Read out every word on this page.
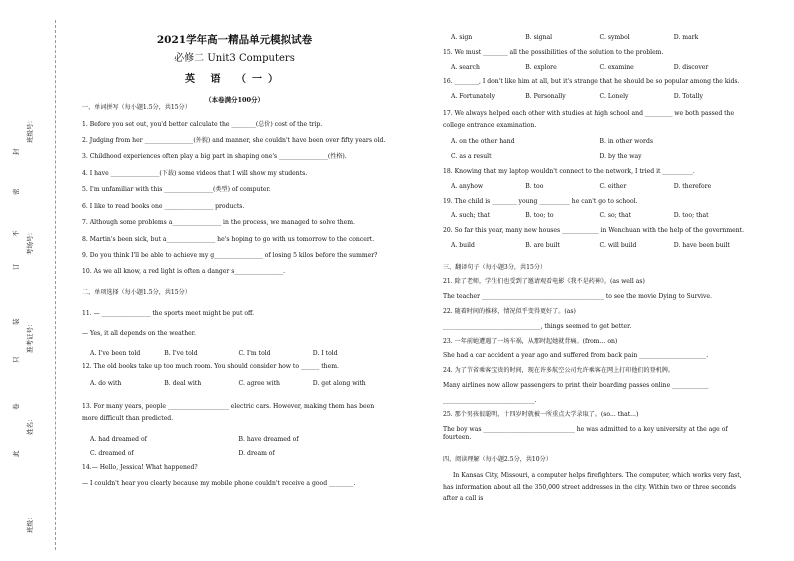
封
班级号：
密
不 考场号：
订
装 准考证号：
只
卷
姓名：
此
班级：
2021学年高一精品单元模拟试卷
必修二 Unit3 Computers
英 语 （一）
（本卷满分100分）
一、单词拼写（每小题1.5分，共15分）
1. Before you set out, you'd better calculate the ________(总价) cost of the trip.
2. Judging from her ________________(外貌) and manner, she couldn't have been over fifty years old.
3. Childhood experiences often play a big part in shaping one's ________________(性格).
4. I have ________________(下载) some videos that I will show my students.
5. I'm unfamiliar with this ________________(类型) of computer.
6. I like to read books one ________________ products.
7. Although some problems a________________ in the process, we managed to solve them.
8. Martin's been sick, but a________________ he's hoping to go with us tomorrow to the concert.
9. Do you think I'll be able to achieve my g________________ of losing 5 kilos before the summer?
10. As we all know, a red light is often a danger s________________.
二、单项选择（每小题1.5分，共15分）
11. — ________________ the sports meet might be put off.
— Yes, it all depends on the weather.
A. I've been told	B. I've told	C. I'm told	D. I told
12. The old books take up too much room. You should consider how to ______ them.
A. do with	B. deal with	C. agree with	D. get along with
13. For many years, people ____________________ electric cars. However, making them has been more difficult than predicted.
A. had dreamed of	B. have dreamed of
C. dreamed of	D. dream of
14.— Hello, Jessica! What happened?
— I couldn't hear you clearly because my mobile phone couldn't receive a good ________.
A. sign	B. signal	C. symbol	D. mark
15. We must ________ all the possibilities of the solution to the problem.
A. search	B. explore	C. examine	D. discover
16. ________, I don't like him at all, but it's strange that he should be so popular among the kids.
A. Fortunately	B. Personally	C. Lonely	D. Totally
17. We always helped each other with studies at high school and _________ we both passed the college entrance examination.
A. on the other hand	B. in other words
C. as a result	D. by the way
18. Knowing that my laptop wouldn't connect to the network, I tried it __________.
A. anyhow	B. too	C. either	D. therefore
19. The child is ________ young __________ he can't go to school.
A. such; that	B. too; to	C. so; that	D. too; that
20. So far this year, many new houses ____________ in Wenchuan with the help of the government.
A. build	B. are built	C. will build	D. have been built
三、翻译句子（每小题3分，共15分）
21. 除了老师，学生们也受到了邀请观看电影《我不是药神》。(as well as)
The teacher ________________________________________ to see the movie Dying to Survive.
22. 随着时间的推移，情况似乎变得更好了。(as)
________________________________, things seemed to get better.
23. 一年前她遭遇了一场车祸，从那时起她就背痛。(from... on)
She had a car accident a year ago and suffered from back pain ______________________.
24. 为了节省乘客宝贵的时间，现在许多航空公司允许乘客在网上打印他们的登机牌。
Many airlines now allow passengers to print their boarding passes online ____________
______________________________.
25. 那个男孩很聪明，十四岁时就被一所重点大学录取了。(so... that...)
The boy was ______________________________ he was admitted to a key university at the age of fourteen.
四、阅读理解（每小题2.5分，共10分）
In Kansas City, Missouri, a computer helps firefighters. The computer, which works very fast, has information about all the 350,000 street addresses in the city. Within two or three seconds after a call is
